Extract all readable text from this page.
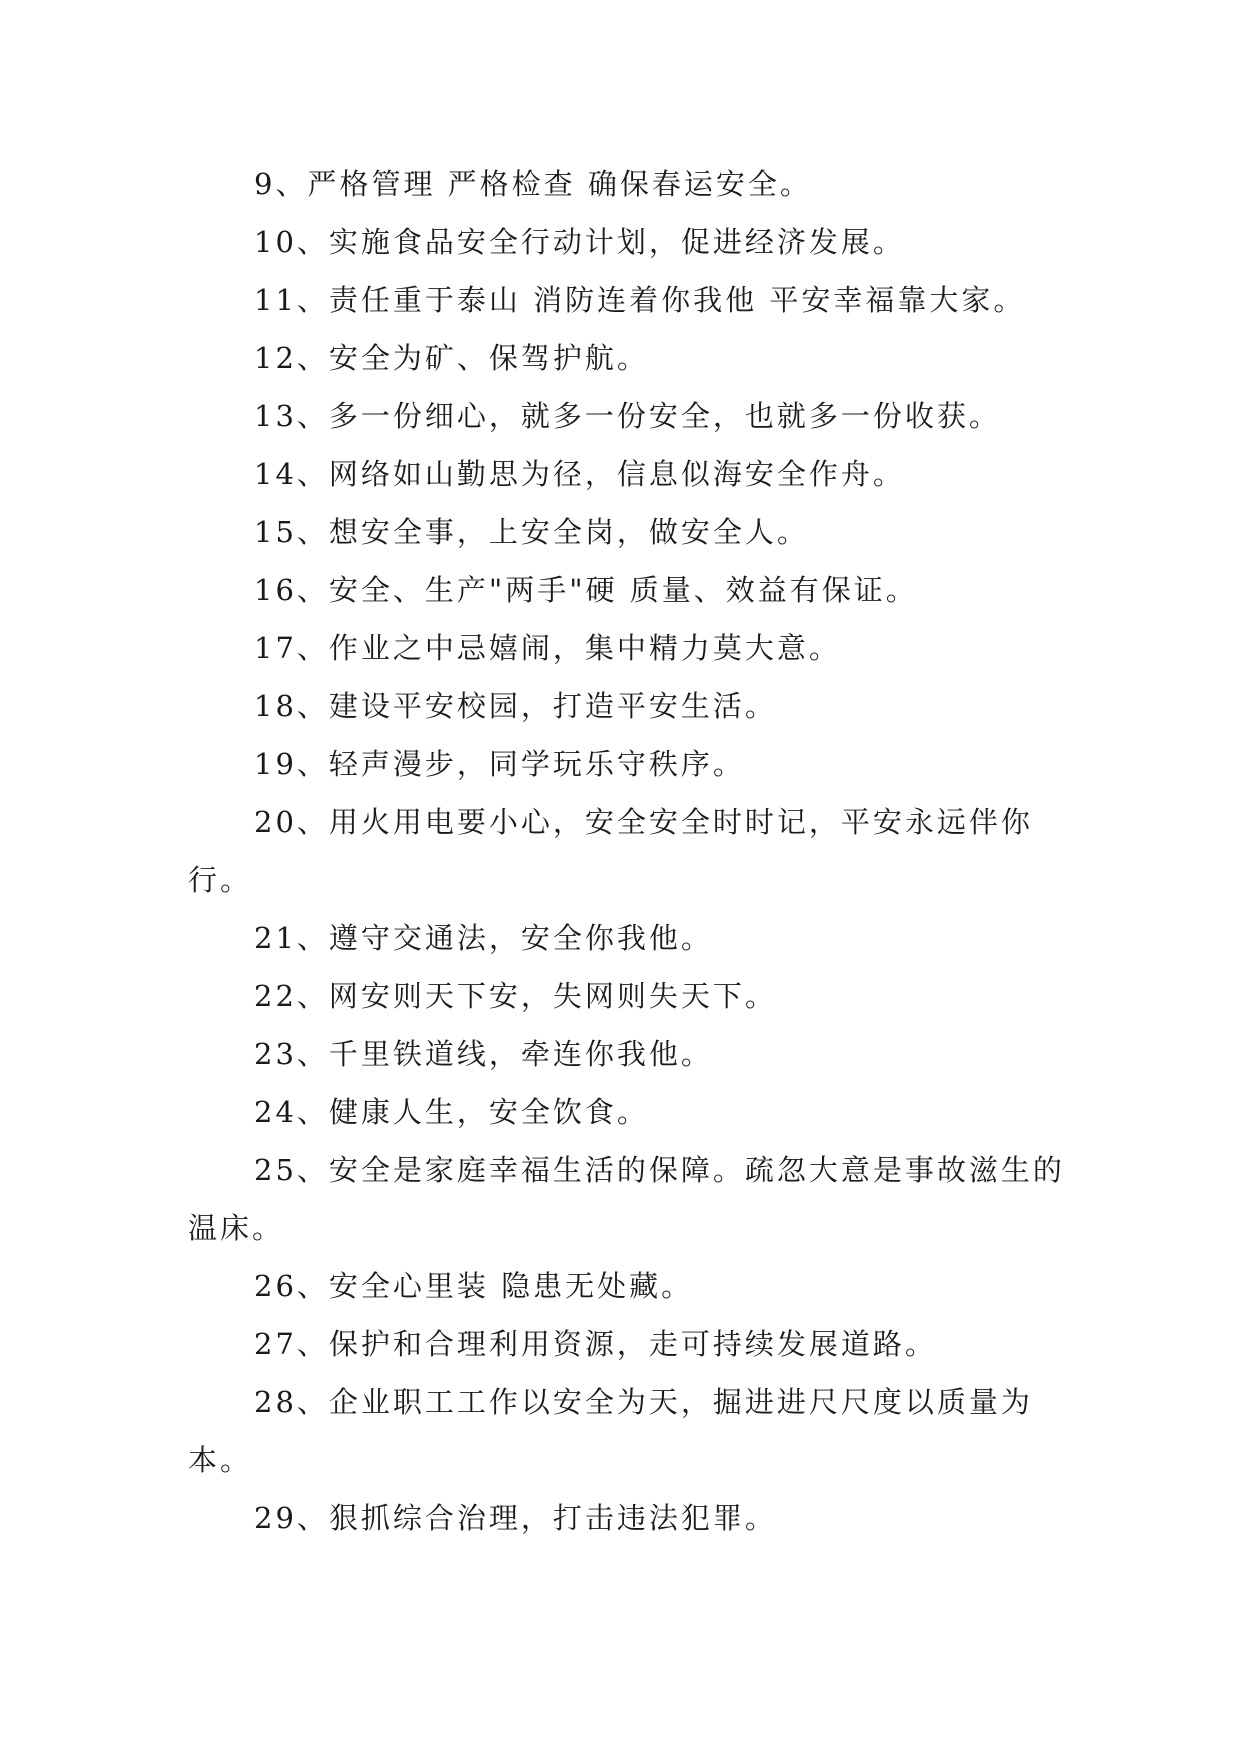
9、严格管理 严格检查 确保春运安全。

10、实施食品安全行动计划，促进经济发展。

11、责任重于泰山 消防连着你我他 平安幸福靠大家。

12、安全为矿、保驾护航。

13、多一份细心，就多一份安全，也就多一份收获。

14、网络如山勤思为径，信息似海安全作舟。

15、想安全事，上安全岗，做安全人。

16、安全、生产"两手"硬 质量、效益有保证。

17、作业之中忌嬉闹，集中精力莫大意。

18、建设平安校园，打造平安生活。

19、轻声漫步，同学玩乐守秩序。

20、用火用电要小心，安全安全时时记，平安永远伴你行。

21、遵守交通法，安全你我他。

22、网安则天下安，失网则失天下。

23、千里铁道线，牵连你我他。

24、健康人生，安全饮食。

25、安全是家庭幸福生活的保障。疏忽大意是事故滋生的温床。

26、安全心里装 隐患无处藏。

27、保护和合理利用资源，走可持续发展道路。

28、企业职工工作以安全为天，掘进进尺尺度以质量为本。

29、狠抓综合治理，打击违法犯罪。
